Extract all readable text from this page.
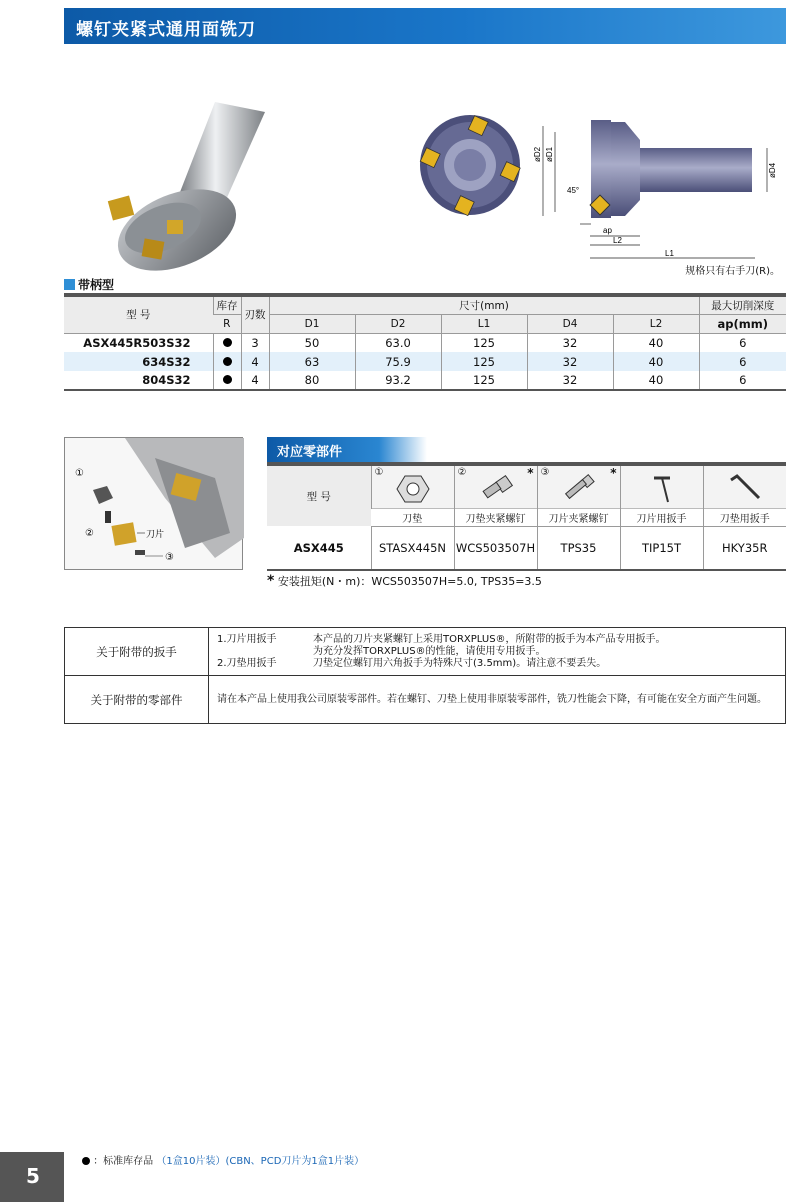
螺钉夹紧式通用面铣刀
øD2 øD1
øD4
45°
ap
L2
L1
规格只有右手刀(R)。
带柄型
型 号	库存	刃数	尺寸(mm)					最大切削深度
	R		D1	D2	L1	D4	L2	ap(mm)
ASX445R503S32		3	50	63.0	125	32	40	6
634S32		4	63	75.9	125	32	40	6
804S32		4	80	93.2	125	32	40	6
①
②	刀片
③
对应零部件
型 号	①	② *	③ *

	刀垫	刀垫夹紧螺钉	刀片夹紧螺钉	刀片用扳手	刀垫用扳手
ASX445	STASX445N	WCS503507H	TPS35	TIP15T	HKY35R
* 安装扭矩(N・m)：WCS503507H=5.0, TPS35=3.5
关于附带的扳手	1.刀片用扳手 本产品的刀片夹紧螺钉上采用TORXPLUS®，所附带的扳手为本产品专用扳手。
为充分发挥TORXPLUS®的性能，请使用专用扳手。
2.刀垫用扳手 刀垫定位螺钉用六角扳手为特殊尺寸(3.5mm)。请注意不要丢失。

关于附带的零部件	请在本产品上使用我公司原装零部件。若在螺钉、刀垫上使用非原装零部件，铣刀性能会下降，有可能在安全方面产生问题。
5
：标准库存品 （1盒10片装）(CBN、PCD刀片为1盒1片装）
